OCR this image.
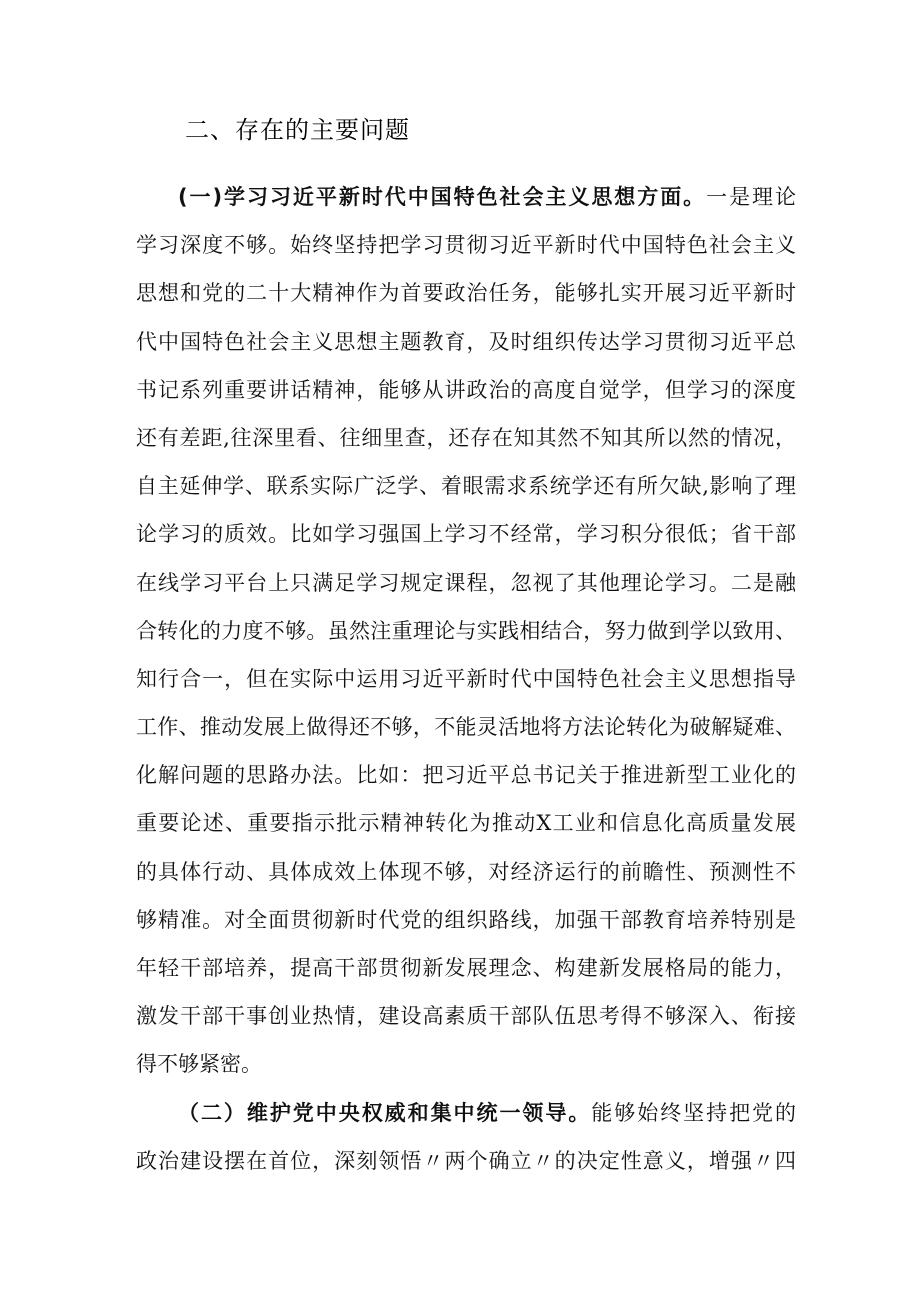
二、存在的主要问题
(一)学习习近平新时代中国特色社会主义思想方面。一是理论
学习深度不够。始终坚持把学习贯彻习近平新时代中国特色社会主义
思想和党的二十大精神作为首要政治任务，能够扎实开展习近平新时
代中国特色社会主义思想主题教育，及时组织传达学习贯彻习近平总
书记系列重要讲话精神，能够从讲政治的高度自觉学，但学习的深度
还有差距,往深里看、往细里查，还存在知其然不知其所以然的情况，
自主延伸学、联系实际广泛学、着眼需求系统学还有所欠缺,影响了理
论学习的质效。比如学习强国上学习不经常，学习积分很低；省干部
在线学习平台上只满足学习规定课程，忽视了其他理论学习。二是融
合转化的力度不够。虽然注重理论与实践相结合，努力做到学以致用、
知行合一，但在实际中运用习近平新时代中国特色社会主义思想指导
工作、推动发展上做得还不够，不能灵活地将方法论转化为破解疑难、
化解问题的思路办法。比如：把习近平总书记关于推进新型工业化的
重要论述、重要指示批示精神转化为推动X工业和信息化高质量发展
的具体行动、具体成效上体现不够，对经济运行的前瞻性、预测性不
够精准。对全面贯彻新时代党的组织路线，加强干部教育培养特别是
年轻干部培养，提高干部贯彻新发展理念、构建新发展格局的能力，
激发干部干事创业热情，建设高素质干部队伍思考得不够深入、衔接
得不够紧密。
（二）维护党中央权威和集中统一领导。能够始终坚持把党的
政治建设摆在首位，深刻领悟〃两个确立〃的决定性意义，增强〃四
